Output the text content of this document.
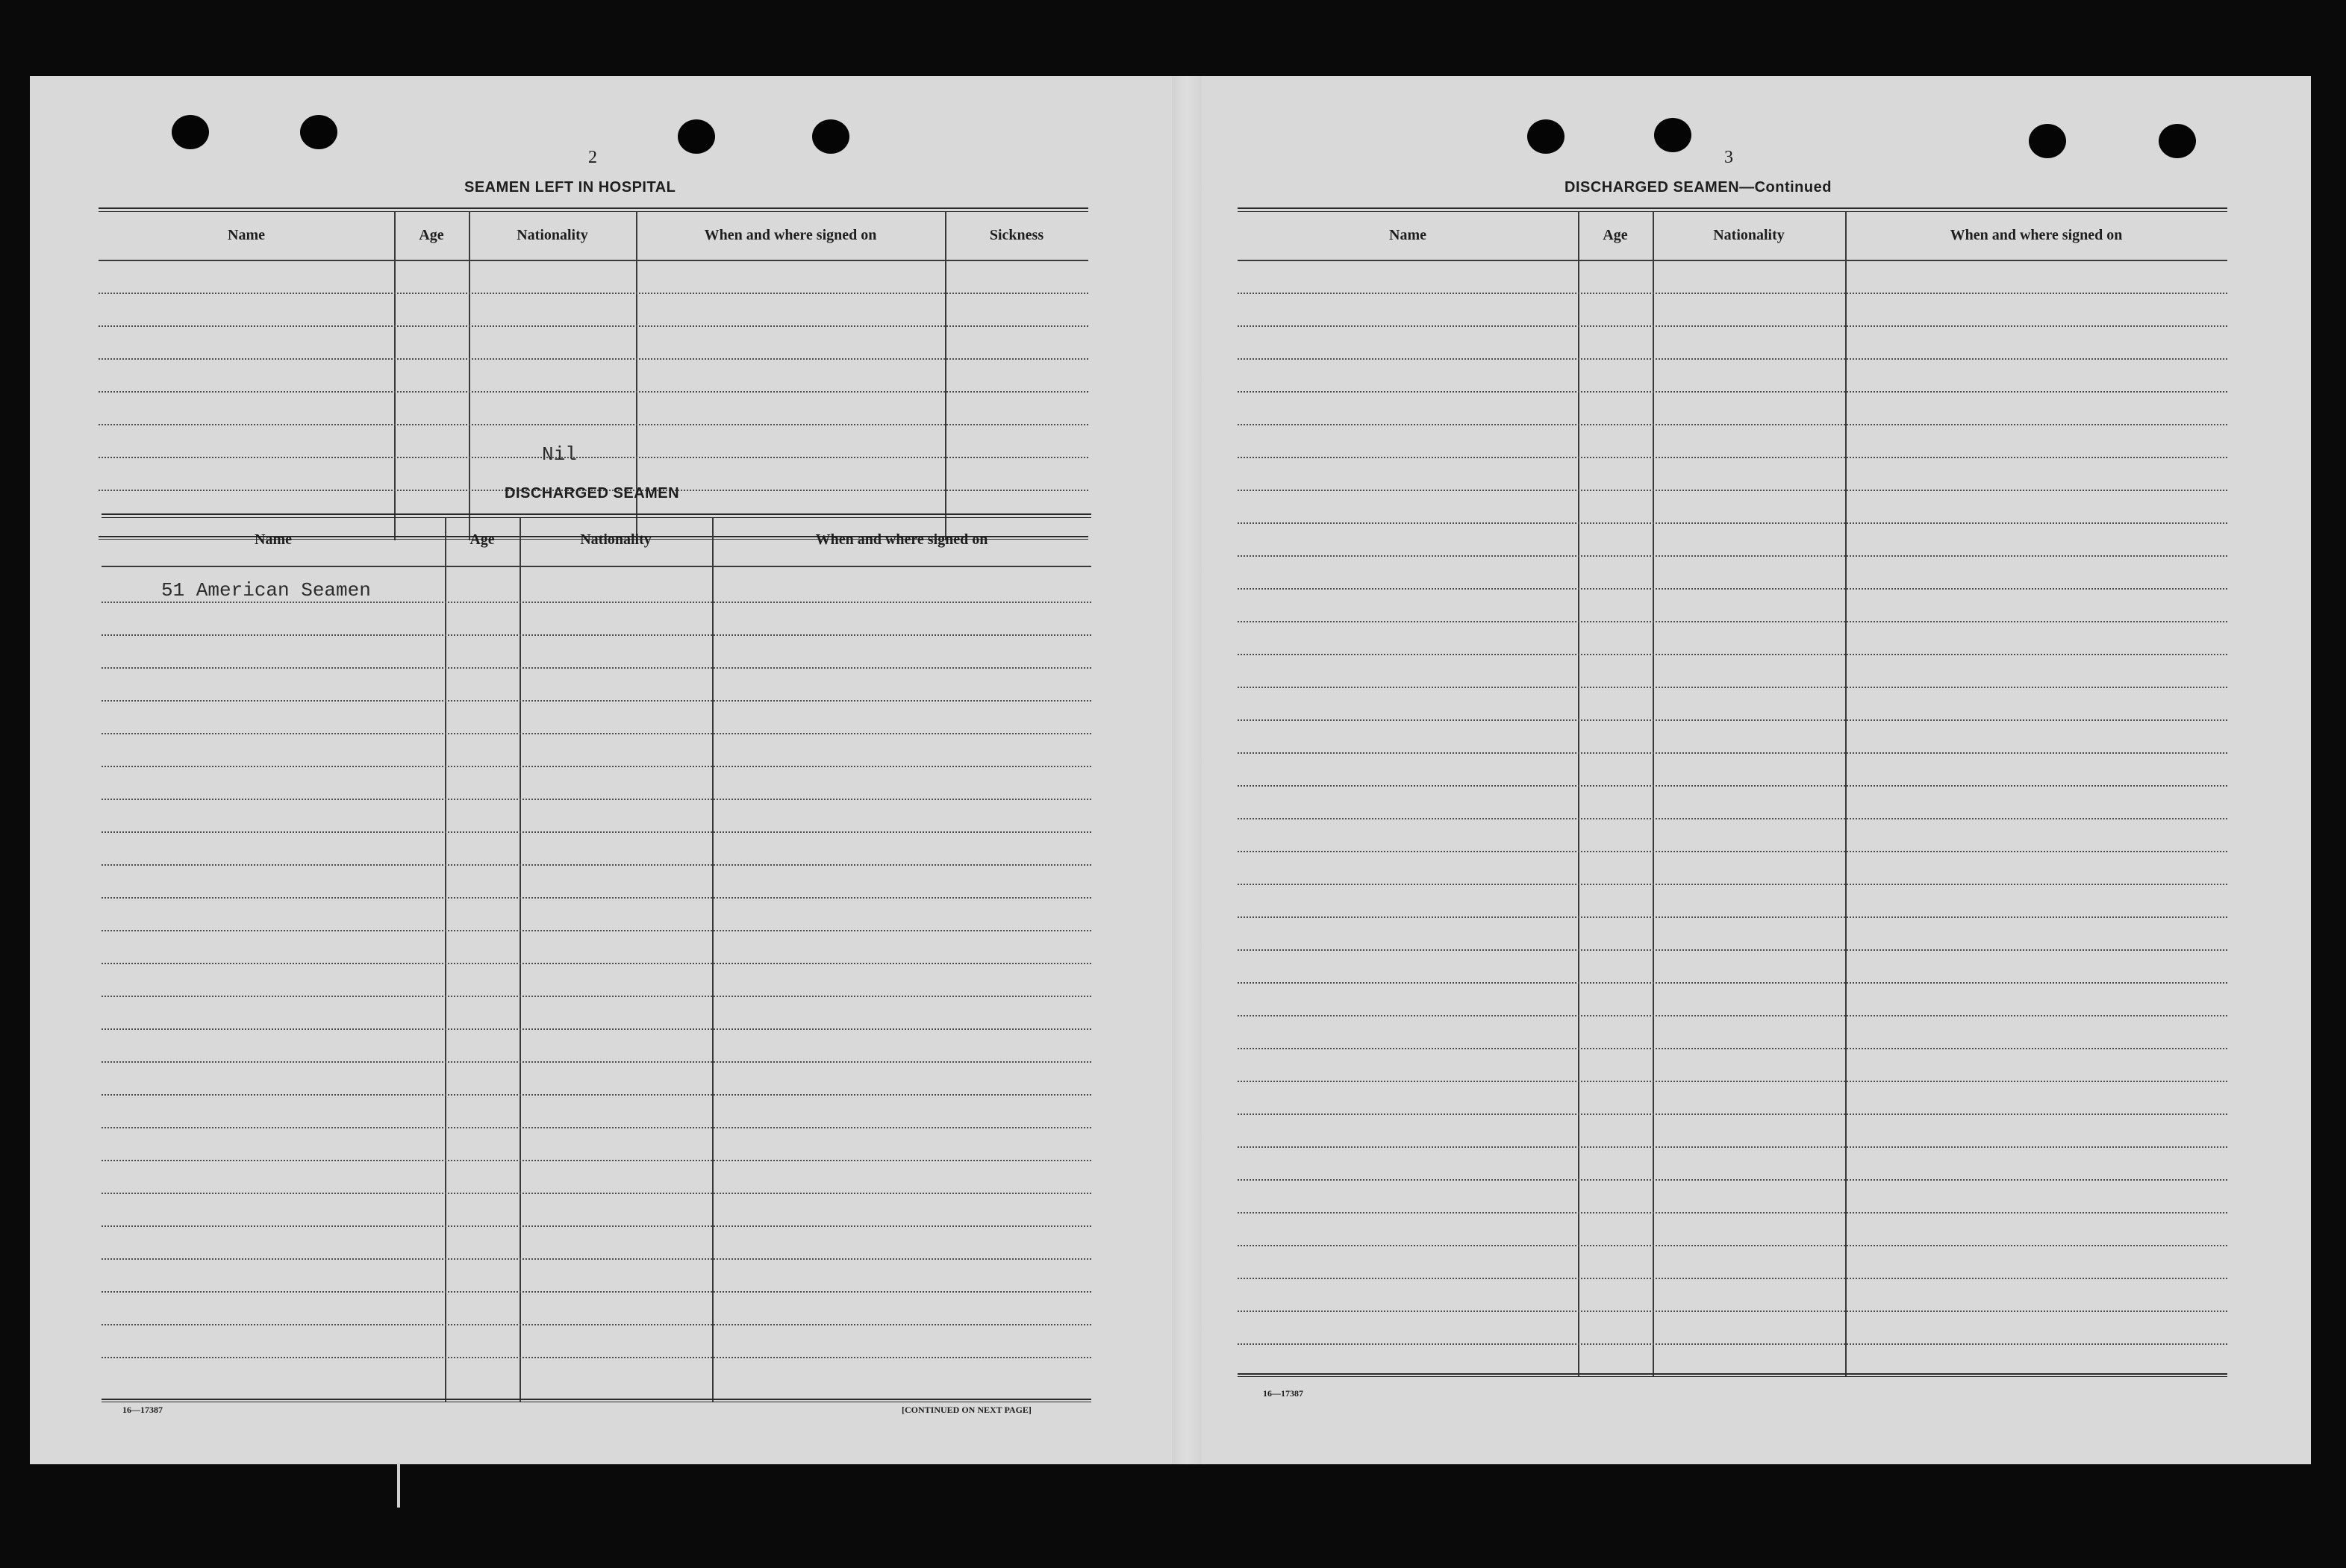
2
SEAMEN LEFT IN HOSPITAL
Name	Age	Nationality	When and where signed on	Sickness
Nil
DISCHARGED SEAMEN
Name	Age	Nationality	When and where signed on
51 American Seamen
16—17387	[CONTINUED ON NEXT PAGE]
3
DISCHARGED SEAMEN—Continued
Name	Age	Nationality	When and where signed on
16—17387
